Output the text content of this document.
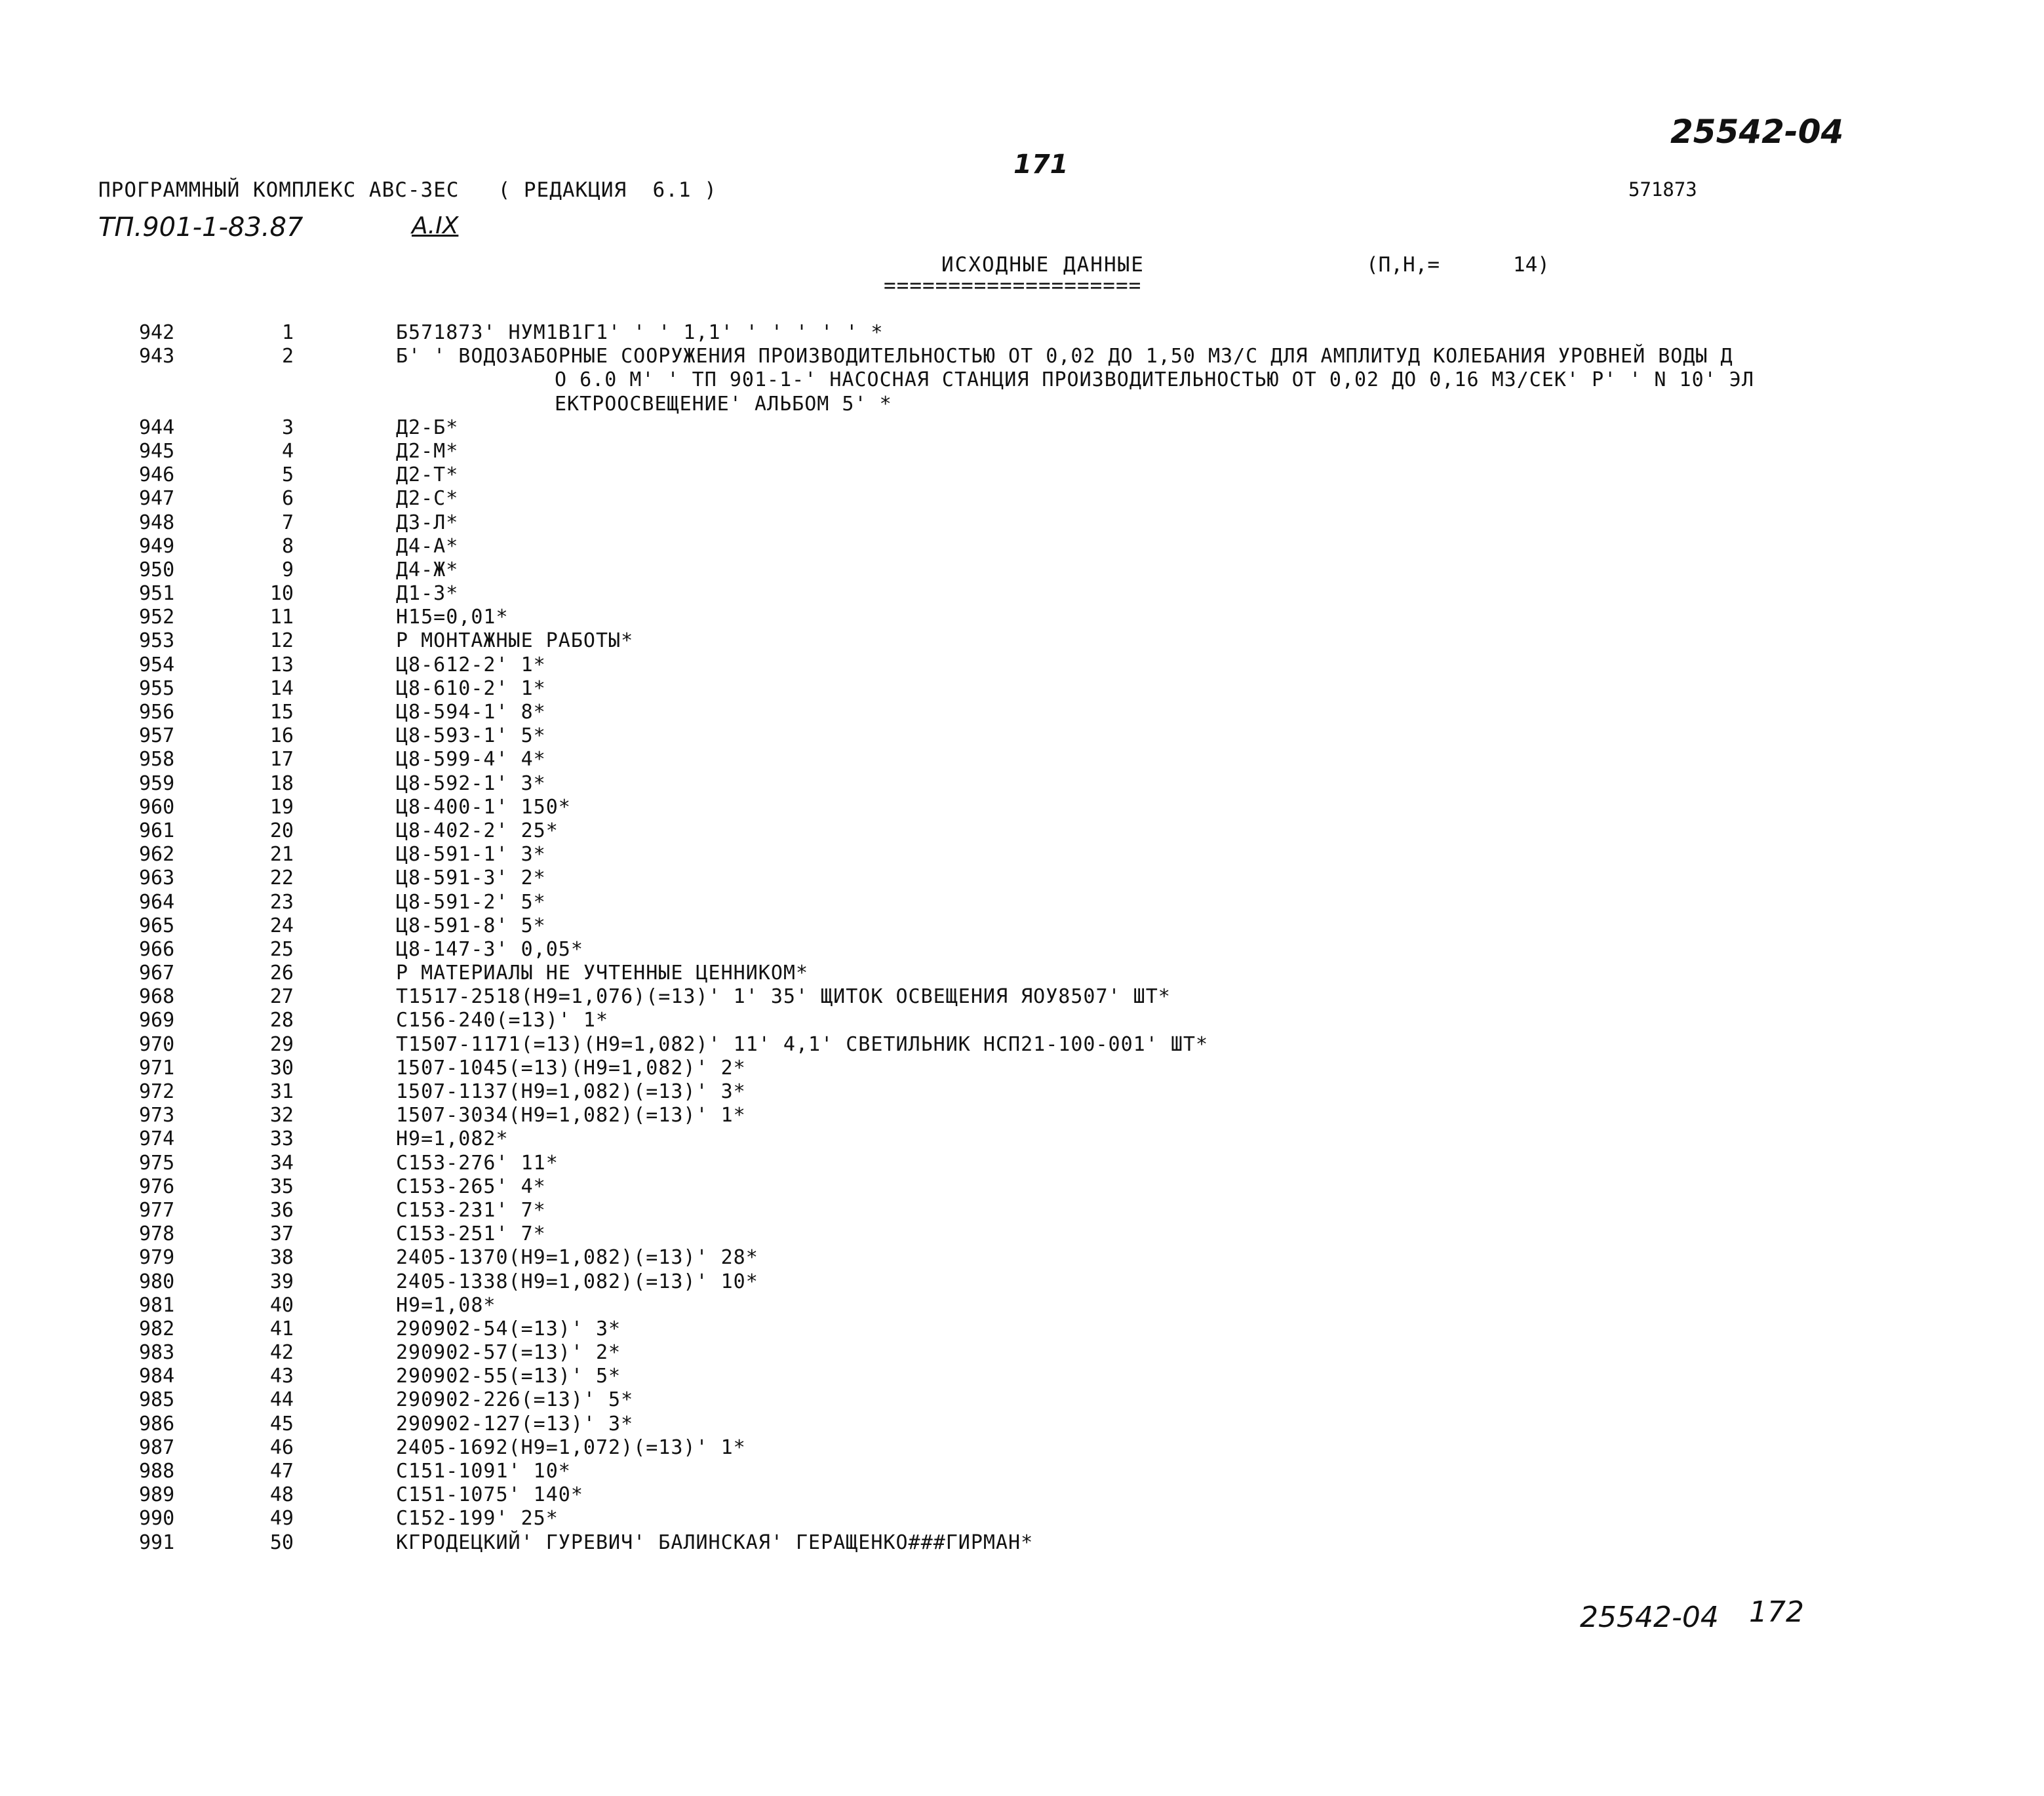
ПРОГРАММНЫЙ КОМПЛЕКС АВС-3ЕС   ( РЕДАКЦИЯ  6.1 )
171
25542-04
571873
ТП.901-1-83.87	А.IX
ИСХОДНЫЕ ДАННЫЕ
====================
(П,Н,=      14)
942	1	Б571873' НУМ1В1Г1' ' ' 1,1' ' ' ' ' ' *
943	2	Б' ' ВОДОЗАБОРНЫЕ СООРУЖЕНИЯ ПРОИЗВОДИТЕЛЬНОСТЬЮ ОТ 0,02 ДО 1,50 М3/С ДЛЯ АМПЛИТУД КОЛЕБАНИЯ УРОВНЕЙ ВОДЫ Д
О 6.0 М' ' ТП 901-1-' НАСОСНАЯ СТАНЦИЯ ПРОИЗВОДИТЕЛЬНОСТЬЮ ОТ 0,02 ДО 0,16 М3/СЕК' Р' ' N 10' ЭЛ
ЕКТРООСВЕЩЕНИЕ' АЛЬБОМ 5' *
944	3	Д2-Б*
945	4	Д2-М*
946	5	Д2-Т*
947	6	Д2-С*
948	7	Д3-Л*
949	8	Д4-А*
950	9	Д4-Ж*
951	10	Д1-3*
952	11	Н15=0,01*
953	12	Р МОНТАЖНЫЕ РАБОТЫ*
954	13	Ц8-612-2' 1*
955	14	Ц8-610-2' 1*
956	15	Ц8-594-1' 8*
957	16	Ц8-593-1' 5*
958	17	Ц8-599-4' 4*
959	18	Ц8-592-1' 3*
960	19	Ц8-400-1' 150*
961	20	Ц8-402-2' 25*
962	21	Ц8-591-1' 3*
963	22	Ц8-591-3' 2*
964	23	Ц8-591-2' 5*
965	24	Ц8-591-8' 5*
966	25	Ц8-147-3' 0,05*
967	26	Р МАТЕРИАЛЫ НЕ УЧТЕННЫЕ ЦЕННИКОМ*
968	27	Т1517-2518(Н9=1,076)(=13)' 1' 35' ЩИТОК ОСВЕЩЕНИЯ ЯОУ8507' ШТ*
969	28	С156-240(=13)' 1*
970	29	Т1507-1171(=13)(Н9=1,082)' 11' 4,1' СВЕТИЛЬНИК НСП21-100-001' ШТ*
971	30	1507-1045(=13)(Н9=1,082)' 2*
972	31	1507-1137(Н9=1,082)(=13)' 3*
973	32	1507-3034(Н9=1,082)(=13)' 1*
974	33	Н9=1,082*
975	34	С153-276' 11*
976	35	С153-265' 4*
977	36	С153-231' 7*
978	37	С153-251' 7*
979	38	2405-1370(Н9=1,082)(=13)' 28*
980	39	2405-1338(Н9=1,082)(=13)' 10*
981	40	Н9=1,08*
982	41	290902-54(=13)' 3*
983	42	290902-57(=13)' 2*
984	43	290902-55(=13)' 5*
985	44	290902-226(=13)' 5*
986	45	290902-127(=13)' 3*
987	46	2405-1692(Н9=1,072)(=13)' 1*
988	47	С151-1091' 10*
989	48	С151-1075' 140*
990	49	С152-199' 25*
991	50	КГРОДЕЦКИЙ' ГУРЕВИЧ' БАЛИНСКАЯ' ГЕРАЩЕНКО###ГИРМАН*
25542-04 172
